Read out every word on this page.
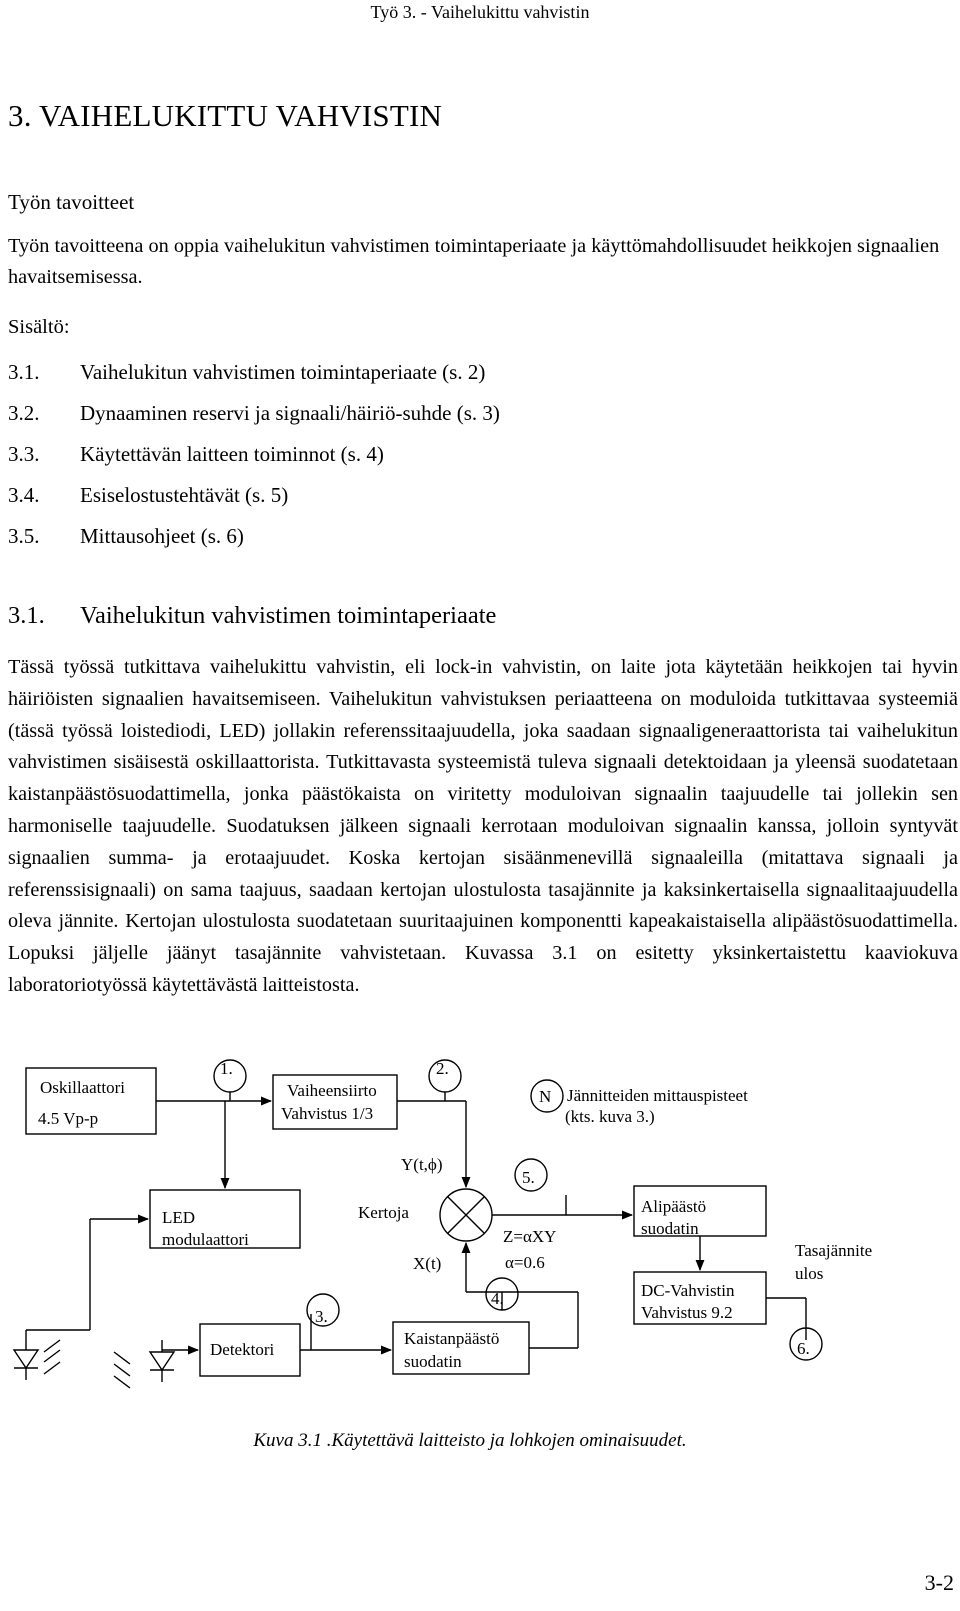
Työ 3. - Vaihelukittu vahvistin
3. VAIHELUKITTU VAHVISTIN
Työn tavoitteet

Työn tavoitteena on oppia vaihelukitun vahvistimen toimintaperiaate ja käyttömahdollisuudet heikkojen signaalien havaitsemisessa.

Sisältö:
3.1. Vaihelukitun vahvistimen toimintaperiaate (s. 2)
3.2. Dynaaminen reservi ja signaali/häiriö-suhde (s. 3)
3.3. Käytettävän laitteen toiminnot (s. 4)
3.4. Esiselostustehtävät (s. 5)
3.5. Mittausohjeet (s. 6)
3.1. Vaihelukitun vahvistimen toimintaperiaate

Tässä työssä tutkittava vaihelukittu vahvistin, eli lock-in vahvistin, on laite jota käytetään heikkojen tai hyvin häiriöisten signaalien havaitsemiseen. Vaihelukitun vahvistuksen periaatteena on moduloida tutkittavaa systeemiä (tässä työssä loistediodi, LED) jollakin referenssitaajuudella, joka saadaan signaaligeneraattorista tai vaihelukitun vahvistimen sisäisestä oskillaattorista. Tutkittavasta systeemistä tuleva signaali detektoidaan ja yleensä suodatetaan kaistanpäästösuodattimella, jonka päästökaista on viritetty moduloivan signaalin taajuudelle tai jollekin sen harmoniselle taajuudelle. Suodatuksen jälkeen signaali kerrotaan moduloivan signaalin kanssa, jolloin syntyvät signaalien summa- ja erotaajuudet. Koska kertojan sisäänmenevillä signaaleilla (mitattava signaali ja referenssisignaali) on sama taajuus, saadaan kertojan ulostulosta tasajännite ja kaksinkertaisella signaalitaajuudella oleva jännite. Kertojan ulostulosta suodatetaan suuritaajuinen komponentti kapeakaistaisella alipäästösuodattimella. Lopuksi jäljelle jäänyt tasajännite vahvistetaan. Kuvassa 3.1 on esitetty yksinkertaistettu kaaviokuva laboratoriotyössä käytettävästä laitteistosta.

Oskillaattori
4.5 Vp-p
Vaiheensiirto
Vahvistus 1/3
N Jännitteiden mittauspisteet
(kts. kuva 3.)
LED
modulaattori
Kertoja
Y(t,ϕ)
X(t)
Z=αXY
α=0.6
Alipäästö
suodatin
DC-Vahvistin
Vahvistus 9.2
Tasajännite
ulos
Detektori
Kaistanpäästö
suodatin
1.	2.
3.
4.
5.
6.
Kuva 3.1 .Käytettävä laitteisto ja lohkojen ominaisuudet.
3-2
